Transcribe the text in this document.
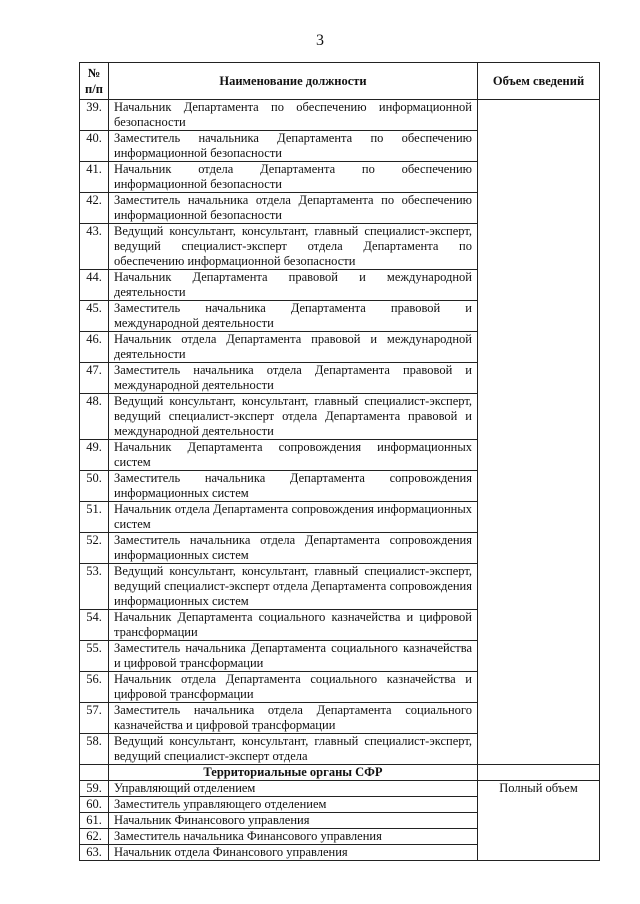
3
№
п/п	Наименование должности	Объем сведений
39.	Начальник Департамента по обеспечению информационной безопасности	
40.	Заместитель начальника Департамента по обеспечению информационной безопасности	
41.	Начальник отдела Департамента по обеспечению информационной безопасности	
42.	Заместитель начальника отдела Департамента по обеспечению информационной безопасности	
43.	Ведущий консультант, консультант, главный специалист-эксперт, ведущий специалист-эксперт отдела Департамента по обеспечению информационной безопасности	
44.	Начальник Департамента правовой и международной деятельности	
45.	Заместитель начальника Департамента правовой и международной деятельности	
46.	Начальник отдела Департамента правовой и международной деятельности	
47.	Заместитель начальника отдела Департамента правовой и международной деятельности	
48.	Ведущий консультант, консультант, главный специалист-эксперт, ведущий специалист-эксперт отдела Департамента правовой и международной деятельности	
49.	Начальник Департамента сопровождения информационных систем	
50.	Заместитель начальника Департамента сопровождения информационных систем	
51.	Начальник отдела Департамента сопровождения информационных систем	
52.	Заместитель начальника отдела Департамента сопровождения информационных систем	
53.	Ведущий консультант, консультант, главный специалист-эксперт, ведущий специалист-эксперт отдела Департамента сопровождения информационных систем	
54.	Начальник Департамента социального казначейства и цифровой трансформации	
55.	Заместитель начальника Департамента социального казначейства и цифровой трансформации	
56.	Начальник отдела Департамента социального казначейства и цифровой трансформации	
57.	Заместитель начальника отдела Департамента социального казначейства и цифровой трансформации	
58.	Ведущий консультант, консультант, главный специалист-эксперт, ведущий специалист-эксперт отдела	
	Территориальные органы СФР	
59.	Управляющий отделением	Полный объем
60.	Заместитель управляющего отделением	
61.	Начальник Финансового управления	
62.	Заместитель начальника Финансового управления	
63.	Начальник отдела Финансового управления	
